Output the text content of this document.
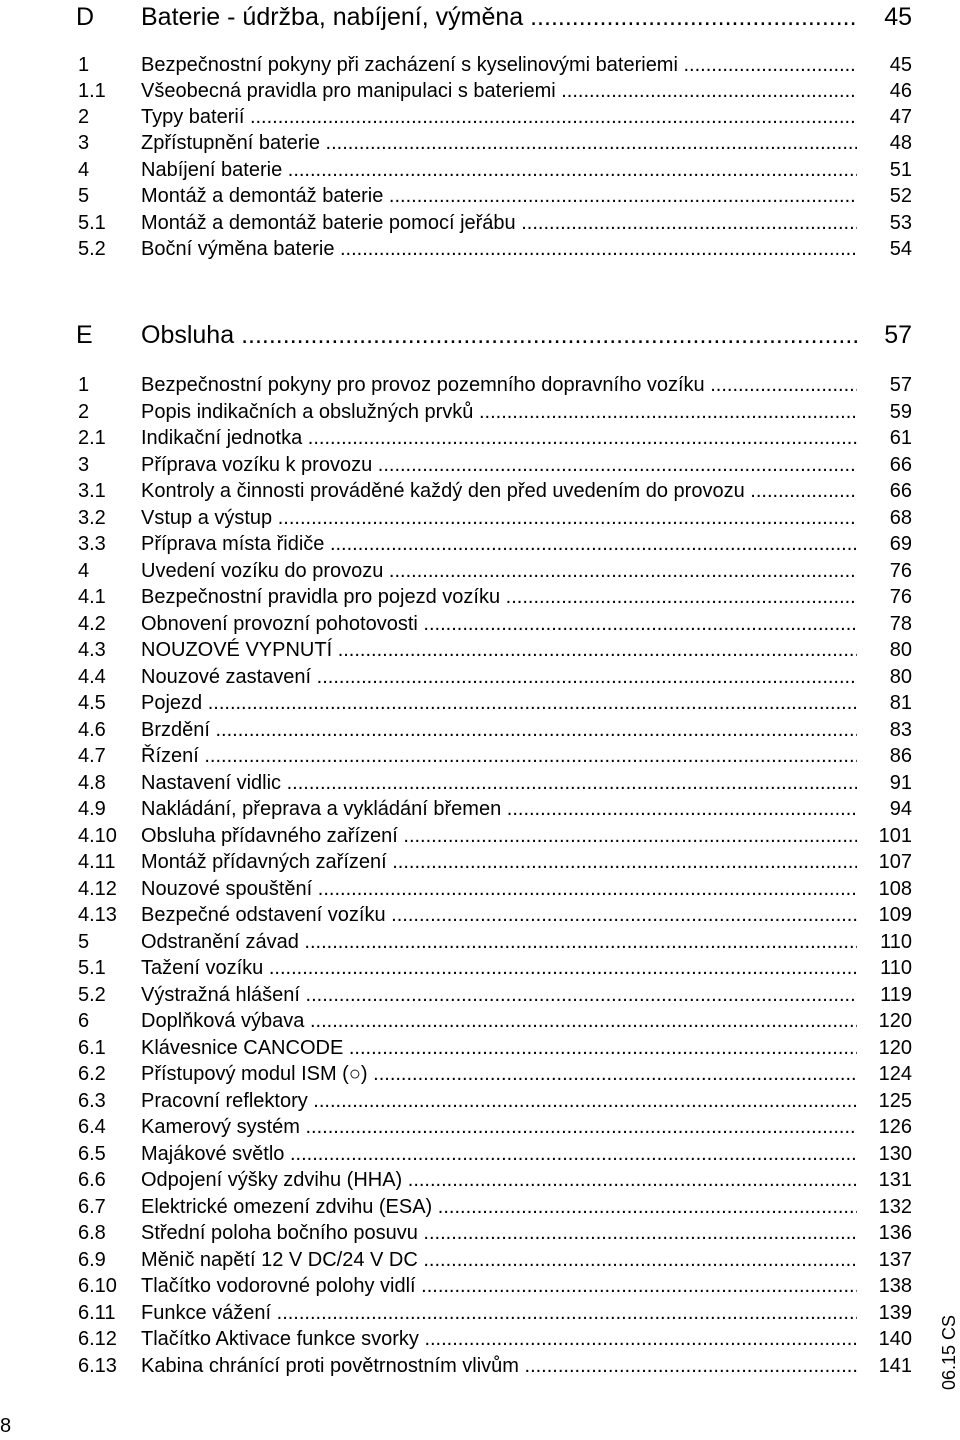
D Baterie - údržba, nabíjení, výměna .....	45
1	Bezpečnostní pokyny při zacházení s kyselinovými bateriemi .....	45
1.1 Všeobecná pravidla pro manipulaci s bateriemi .....	46
2	Typy baterií .....	47
3	Zpřístupnění baterie .....	48
4	Nabíjení baterie .....	51
5	Montáž a demontáž baterie .....	52
5.1 Montáž a demontáž baterie pomocí jeřábu .....	53
5.2 Boční výměna baterie .....	54
E Obsluha .....	57
1	Bezpečnostní pokyny pro provoz pozemního dopravního vozíku .....	57
2	Popis indikačních a obslužných prvků .....	59
2.1 Indikační jednotka .....	61
3	Příprava vozíku k provozu .....	66
3.1 Kontroly a činnosti prováděné každý den před uvedením do provozu .....	66
3.2 Vstup a výstup .....	68
3.3 Příprava místa řidiče .....	69
4	Uvedení vozíku do provozu .....	76
4.1 Bezpečnostní pravidla pro pojezd vozíku .....	76
4.2 Obnovení provozní pohotovosti .....	78
4.3 NOUZOVÉ VYPNUTÍ .....	80
4.4 Nouzové zastavení .....	80
4.5 Pojezd .....	81
4.6 Brzdění .....	83
4.7 Řízení .....	86
4.8 Nastavení vidlic .....	91
4.9 Nakládání, přeprava a vykládání břemen .....	94
4.10 Obsluha přídavného zařízení .....	101
4.11 Montáž přídavných zařízení .....	107
4.12 Nouzové spouštění .....	108
4.13 Bezpečné odstavení vozíku .....	109
5	Odstranění závad .....	110
5.1 Tažení vozíku .....	110
5.2 Výstražná hlášení .....	119
6	Doplňková výbava .....	120
6.1 Klávesnice CANCODE .....	120
6.2 Přístupový modul ISM (○) .....	124
6.3 Pracovní reflektory .....	125
6.4 Kamerový systém .....	126
6.5 Majákové světlo .....	130
6.6 Odpojení výšky zdvihu (HHA) .....	131
6.7 Elektrické omezení zdvihu (ESA) .....	132
6.8 Střední poloha bočního posuvu .....	136
6.9 Měnič napětí 12 V DC/24 V DC .....	137
6.10 Tlačítko vodorovné polohy vidlí .....	138
6.11 Funkce vážení .....	139
6.12 Tlačítko Aktivace funkce svorky .....	140
6.13 Kabina chránící proti povětrnostním vlivům .....	141 06.15 CS
8
